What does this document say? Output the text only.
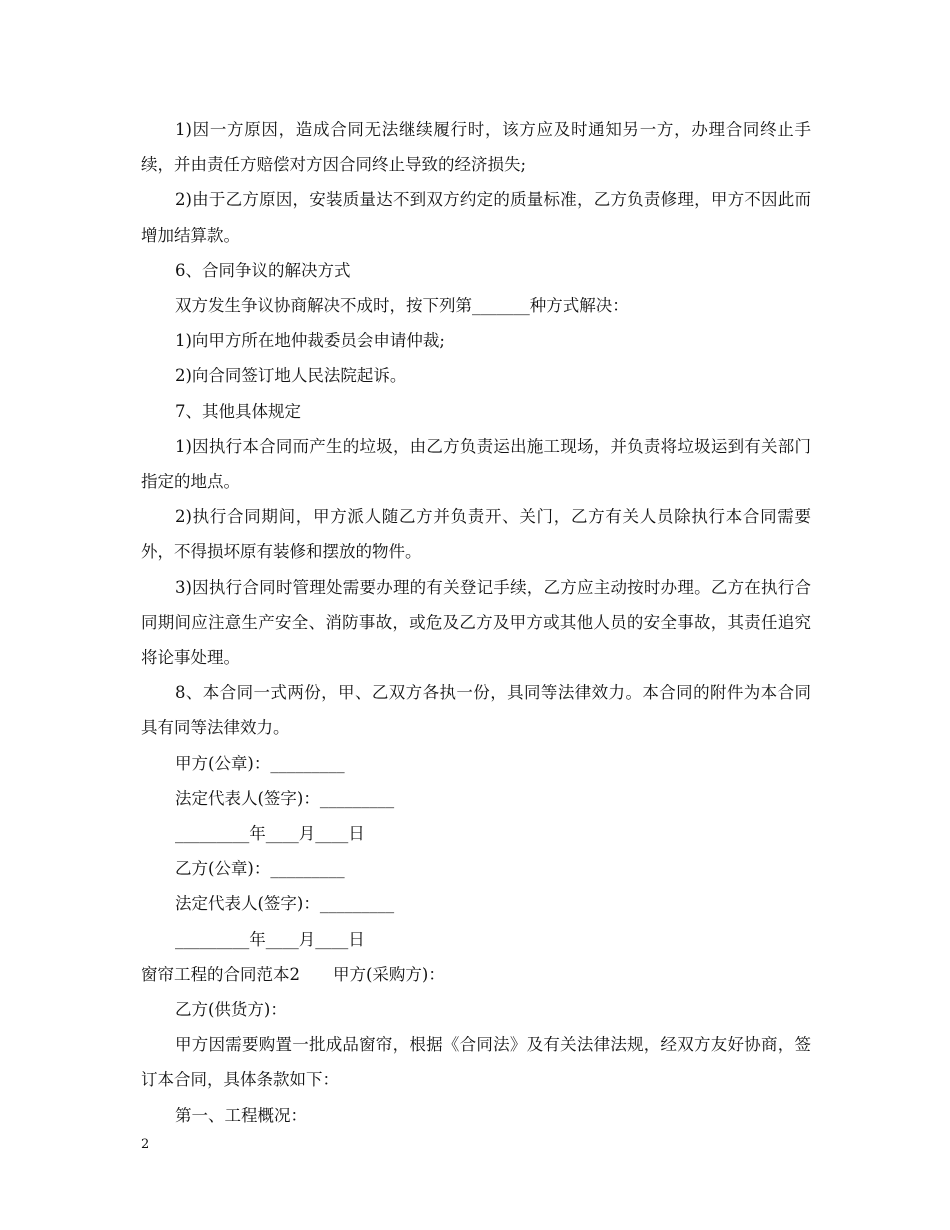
1)因一方原因，造成合同无法继续履行时，该方应及时通知另一方，办理合同终止手续，并由责任方赔偿对方因合同终止导致的经济损失;

2)由于乙方原因，安装质量达不到双方约定的质量标准，乙方负责修理，甲方不因此而增加结算款。

6、合同争议的解决方式

双方发生争议协商解决不成时，按下列第_______种方式解决：

1)向甲方所在地仲裁委员会申请仲裁;

2)向合同签订地人民法院起诉。

7、其他具体规定

1)因执行本合同而产生的垃圾，由乙方负责运出施工现场，并负责将垃圾运到有关部门指定的地点。

2)执行合同期间，甲方派人随乙方并负责开、关门，乙方有关人员除执行本合同需要外，不得损坏原有装修和摆放的物件。

3)因执行合同时管理处需要办理的有关登记手续，乙方应主动按时办理。乙方在执行合同期间应注意生产安全、消防事故，或危及乙方及甲方或其他人员的安全事故，其责任追究将论事处理。

8、本合同一式两份，甲、乙双方各执一份，具同等法律效力。本合同的附件为本合同具有同等法律效力。

甲方(公章)：_________

法定代表人(签字)：_________

_________年____月____日

乙方(公章)：_________

法定代表人(签字)：_________

_________年____月____日

窗帘工程的合同范本2　　甲方(采购方)：

乙方(供货方)：

甲方因需要购置一批成品窗帘，根据《合同法》及有关法律法规，经双方友好协商，签订本合同，具体条款如下：

第一、工程概况：

2
